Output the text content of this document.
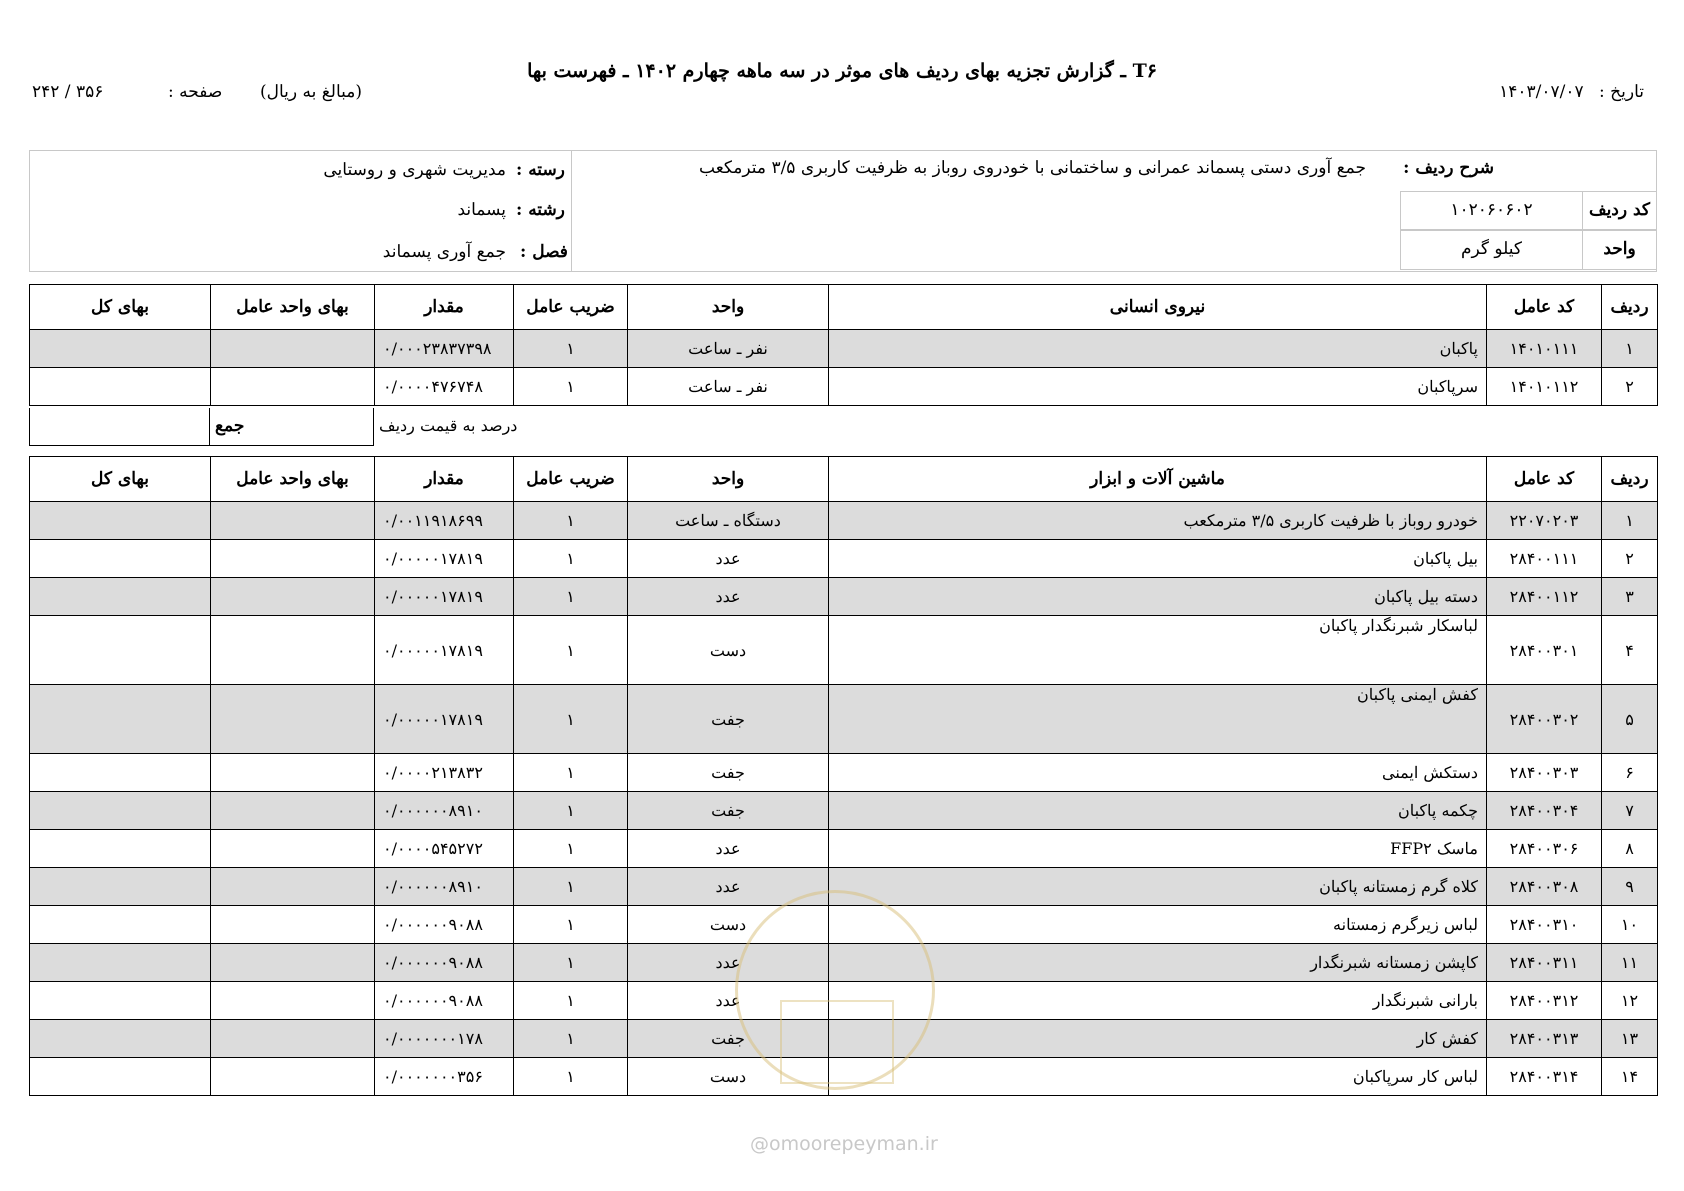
T۶ ـ گزارش تجزیه بهای ردیف های موثر در سه ماهه چهارم ۱۴۰۲ ـ فهرست بها
تاریخ : ۱۴۰۳/۰۷/۰۷
(مبالغ به ریال)
صفحه :
۳۵۶ / ۲۴۲
شرح ردیف :
جمع آوری دستی پسماند عمرانی و ساختمانی با خودروی روباز به ظرفیت کاربری ۳/۵ مترمکعب
۱۰۲۰۶۰۶۰۲	کد ردیف
کیلو گرم	واحد
رسته :
مدیریت شهری و روستایی
رشته :
پسماند
فصل :
جمع آوری پسماند
ردیف	کد عامل	نیروی انسانی	واحد	ضریب عامل	مقدار	بهای واحد عامل	بهای کل
۱	۱۴۰۱۰۱۱۱	پاکبان	نفر ـ ساعت	۱	۰/۰۰۰۲۳۸۳۷۳۹۸		
۲	۱۴۰۱۰۱۱۲	سرپاکبان	نفر ـ ساعت	۱	۰/۰۰۰۰۴۷۶۷۴۸		
جمع	درصد به قیمت ردیف
ردیف	کد عامل	ماشین آلات و ابزار	واحد	ضریب عامل	مقدار	بهای واحد عامل	بهای کل
۱	۲۲۰۷۰۲۰۳	خودرو روباز با ظرفیت کاربری ۳/۵ مترمکعب	دستگاه ـ ساعت	۱	۰/۰۰۱۱۹۱۸۶۹۹		
۲	۲۸۴۰۰۱۱۱	بیل پاکبان	عدد	۱	۰/۰۰۰۰۰۱۷۸۱۹		
۳	۲۸۴۰۰۱۱۲	دسته بیل پاکبان	عدد	۱	۰/۰۰۰۰۰۱۷۸۱۹		
۴	۲۸۴۰۰۳۰۱	لباسکار شبرنگدار پاکبان	دست	۱	۰/۰۰۰۰۰۱۷۸۱۹		
۵	۲۸۴۰۰۳۰۲	کفش ایمنی پاکبان	جفت	۱	۰/۰۰۰۰۰۱۷۸۱۹		
۶	۲۸۴۰۰۳۰۳	دستکش ایمنی	جفت	۱	۰/۰۰۰۰۲۱۳۸۳۲		
۷	۲۸۴۰۰۳۰۴	چکمه پاکبان	جفت	۱	۰/۰۰۰۰۰۰۸۹۱۰		
۸	۲۸۴۰۰۳۰۶	ماسک FFP۲	عدد	۱	۰/۰۰۰۰۵۴۵۲۷۲		
۹	۲۸۴۰۰۳۰۸	کلاه گرم زمستانه پاکبان	عدد	۱	۰/۰۰۰۰۰۰۸۹۱۰		
۱۰	۲۸۴۰۰۳۱۰	لباس زیرگرم زمستانه	دست	۱	۰/۰۰۰۰۰۰۹۰۸۸		
۱۱	۲۸۴۰۰۳۱۱	کاپشن زمستانه شبرنگدار	عدد	۱	۰/۰۰۰۰۰۰۹۰۸۸		
۱۲	۲۸۴۰۰۳۱۲	بارانی شبرنگدار	عدد	۱	۰/۰۰۰۰۰۰۹۰۸۸		
۱۳	۲۸۴۰۰۳۱۳	کفش کار	جفت	۱	۰/۰۰۰۰۰۰۰۱۷۸		
۱۴	۲۸۴۰۰۳۱۴	لباس کار سرپاکبان	دست	۱	۰/۰۰۰۰۰۰۰۳۵۶		
@omoorepeyman.ir
